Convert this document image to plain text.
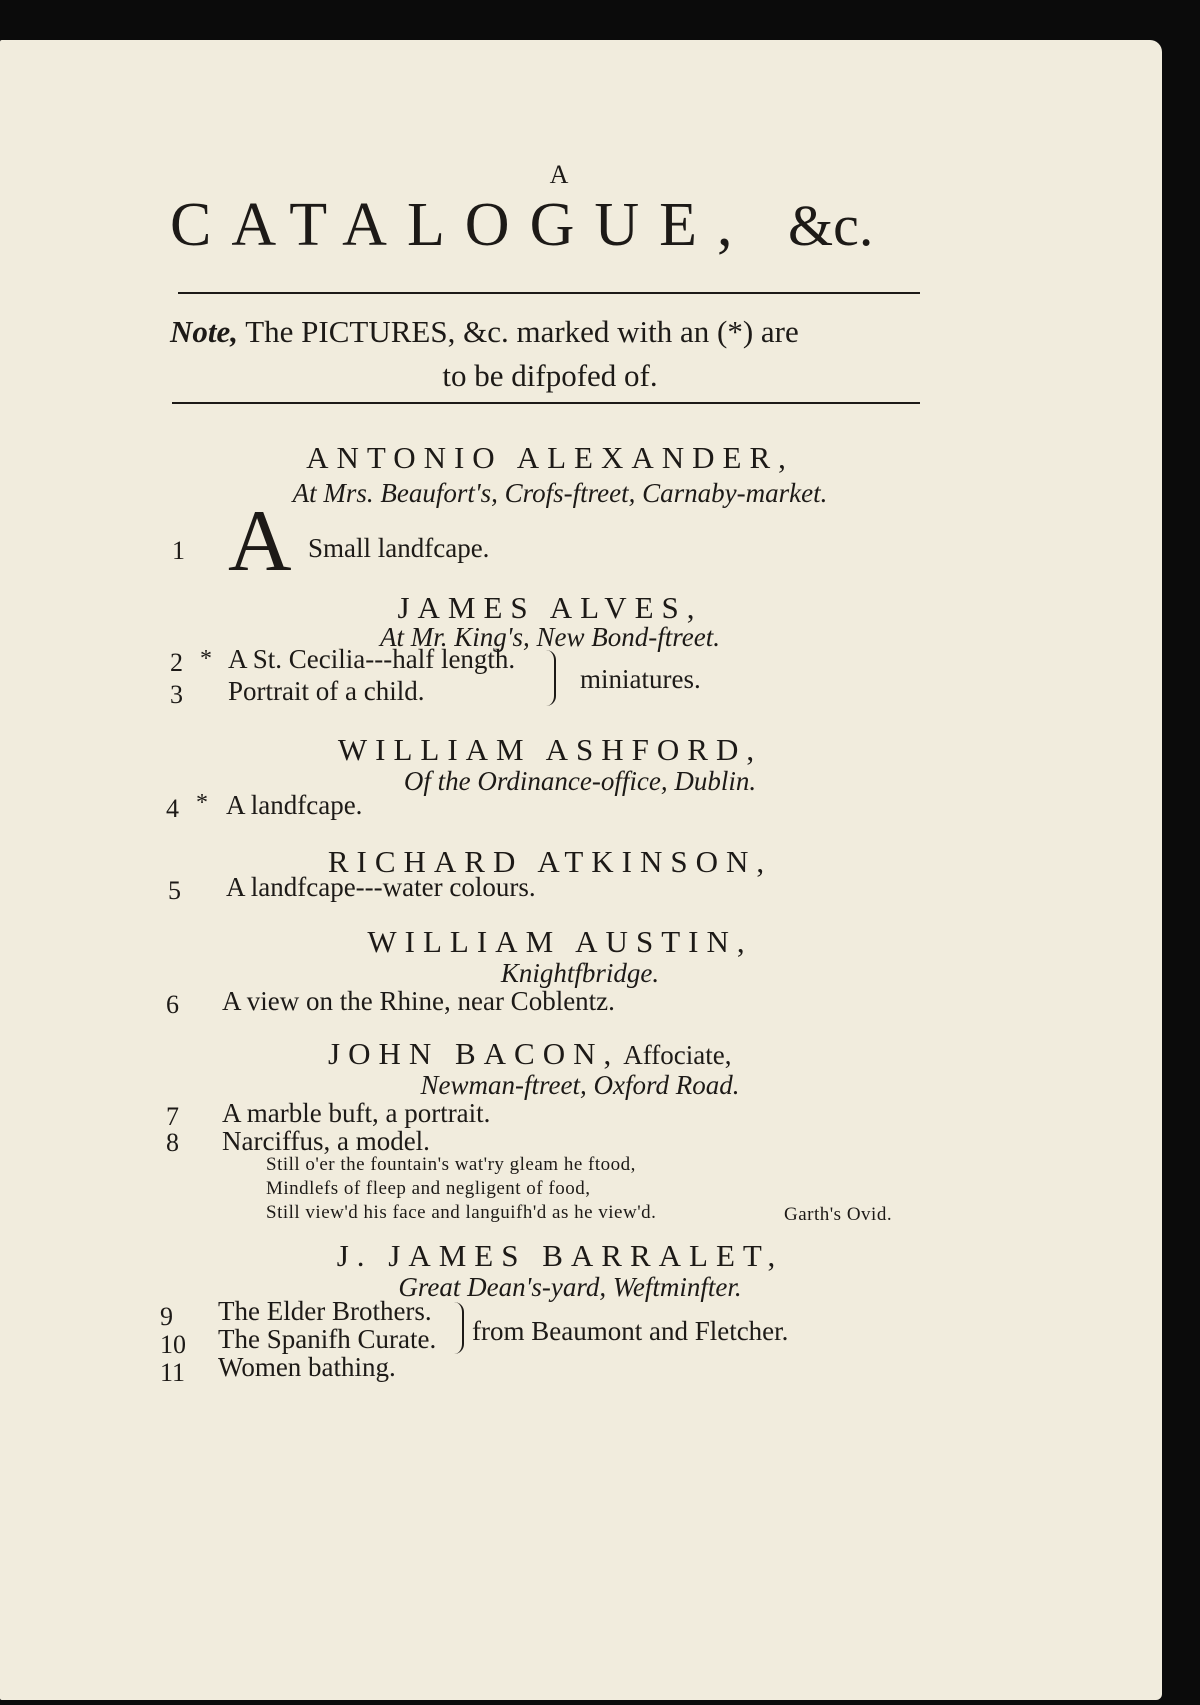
A
CATALOGUE, &c.
Note, The PICTURES, &c. marked with an (*) are
to be difpofed of.
ANTONIO ALEXANDER,
At Mrs. Beaufort's, Crofs-ftreet, Carnaby-market.
1 A Small landfcape.
JAMES ALVES,
At Mr. King's, New Bond-ftreet.
2 * A St. Cecilia---half length.
3 Portrait of a child.	miniatures.
WILLIAM ASHFORD,
Of the Ordinance-office, Dublin.
4 * A landfcape.
RICHARD ATKINSON,
5 A landfcape---water colours.
WILLIAM AUSTIN,
Knightfbridge.
6 A view on the Rhine, near Coblentz.
JOHN BACON, Affociate,
Newman-ftreet, Oxford Road.
7 A marble buft, a portrait.
8 Narciffus, a model.
Still o'er the fountain's wat'ry gleam he ftood,
Mindlefs of fleep and negligent of food,
Still view'd his face and languifh'd as he view'd.	Garth's Ovid.
J. JAMES BARRALET,
Great Dean's-yard, Weftminfter.
9 The Elder Brothers.
10 The Spanifh Curate. from Beaumont and Fletcher.
11 Women bathing.
